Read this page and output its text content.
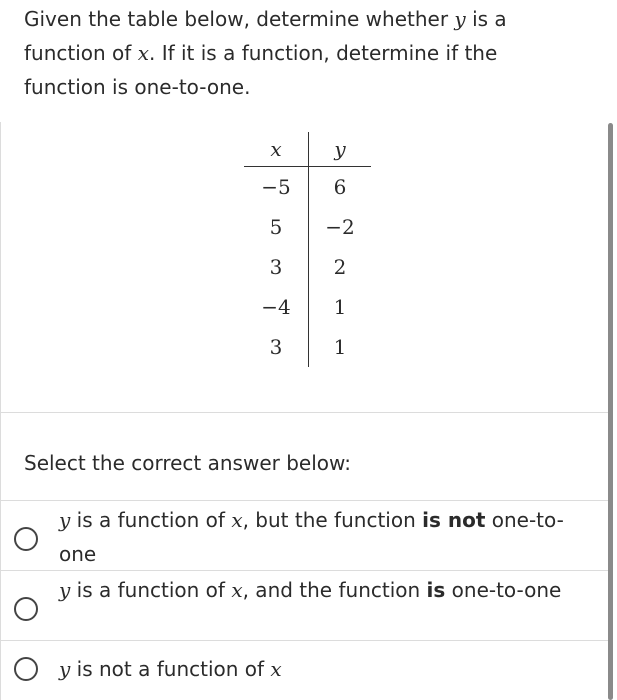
Given the table below, determine whether y is a function of x. If it is a function, determine if the function is one-to-one.
x	y
−5	6
5	−2
3	2
−4	1
3	1
Select the correct answer below:
y is a function of x, but the function is not one-to-one
y is a function of x, and the function is one-to-one
y is not a function of x
